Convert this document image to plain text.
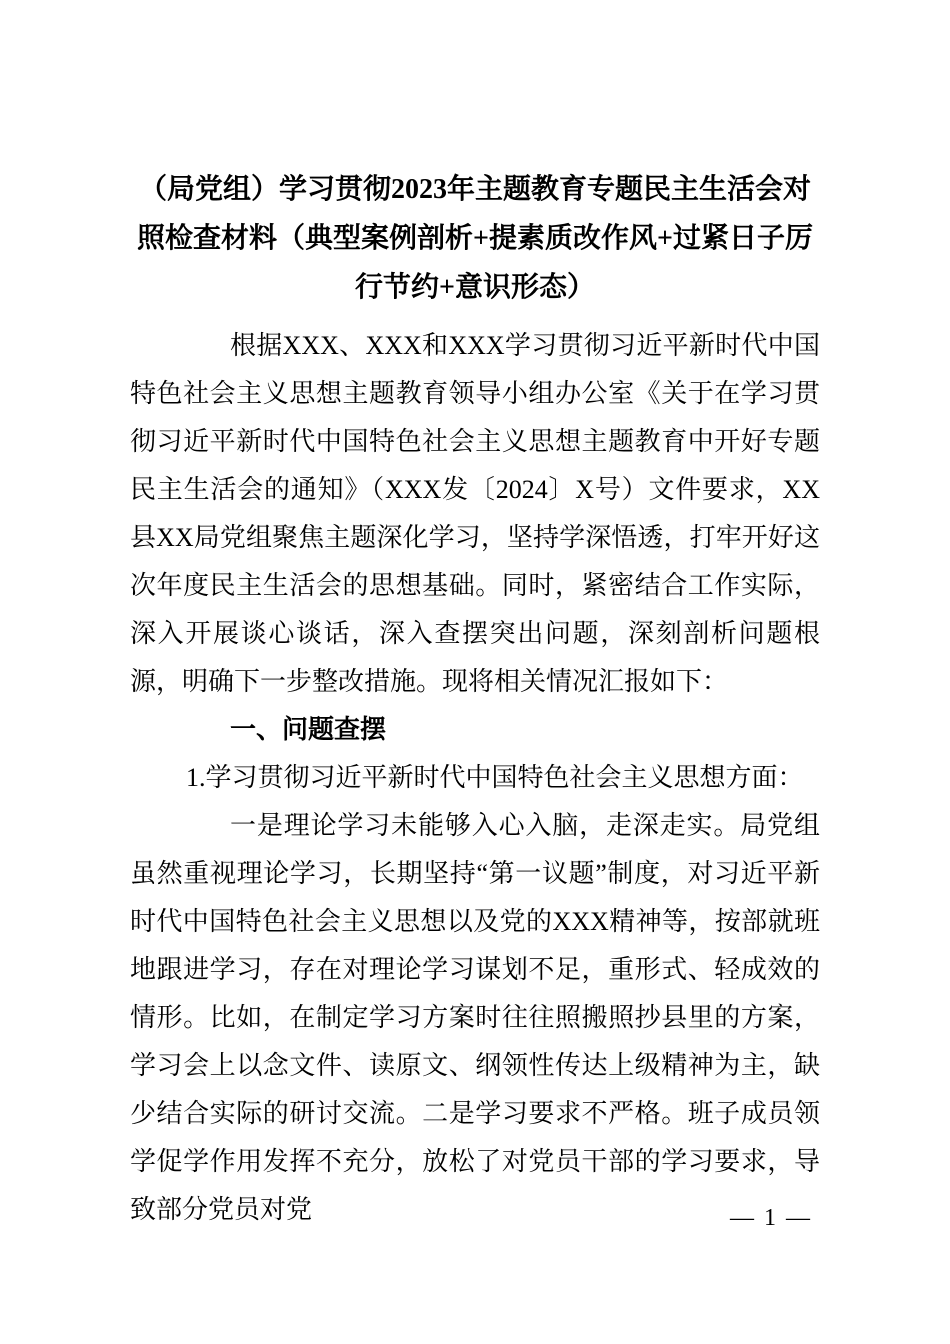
（局党组）学习贯彻2023年主题教育专题民主生活会对照检查材料（典型案例剖析+提素质改作风+过紧日子厉行节约+意识形态）

根据XXX、XXX和XXX学习贯彻习近平新时代中国特色社会主义思想主题教育领导小组办公室《关于在学习贯彻习近平新时代中国特色社会主义思想主题教育中开好专题民主生活会的通知》（XXX发〔2024〕X号）文件要求，XX县XX局党组聚焦主题深化学习，坚持学深悟透，打牢开好这次年度民主生活会的思想基础。同时，紧密结合工作实际，深入开展谈心谈话，深入查摆突出问题，深刻剖析问题根源，明确下一步整改措施。现将相关情况汇报如下：

一、问题查摆

1.学习贯彻习近平新时代中国特色社会主义思想方面：

一是理论学习未能够入心入脑，走深走实。局党组虽然重视理论学习，长期坚持“第一议题”制度，对习近平新时代中国特色社会主义思想以及党的XXX精神等，按部就班地跟进学习，存在对理论学习谋划不足，重形式、轻成效的情形。比如，在制定学习方案时往往照搬照抄县里的方案，学习会上以念文件、读原文、纲领性传达上级精神为主，缺少结合实际的研讨交流。二是学习要求不严格。班子成员领学促学作用发挥不充分，放松了对党员干部的学习要求，导致部分党员对党	— 1 —
